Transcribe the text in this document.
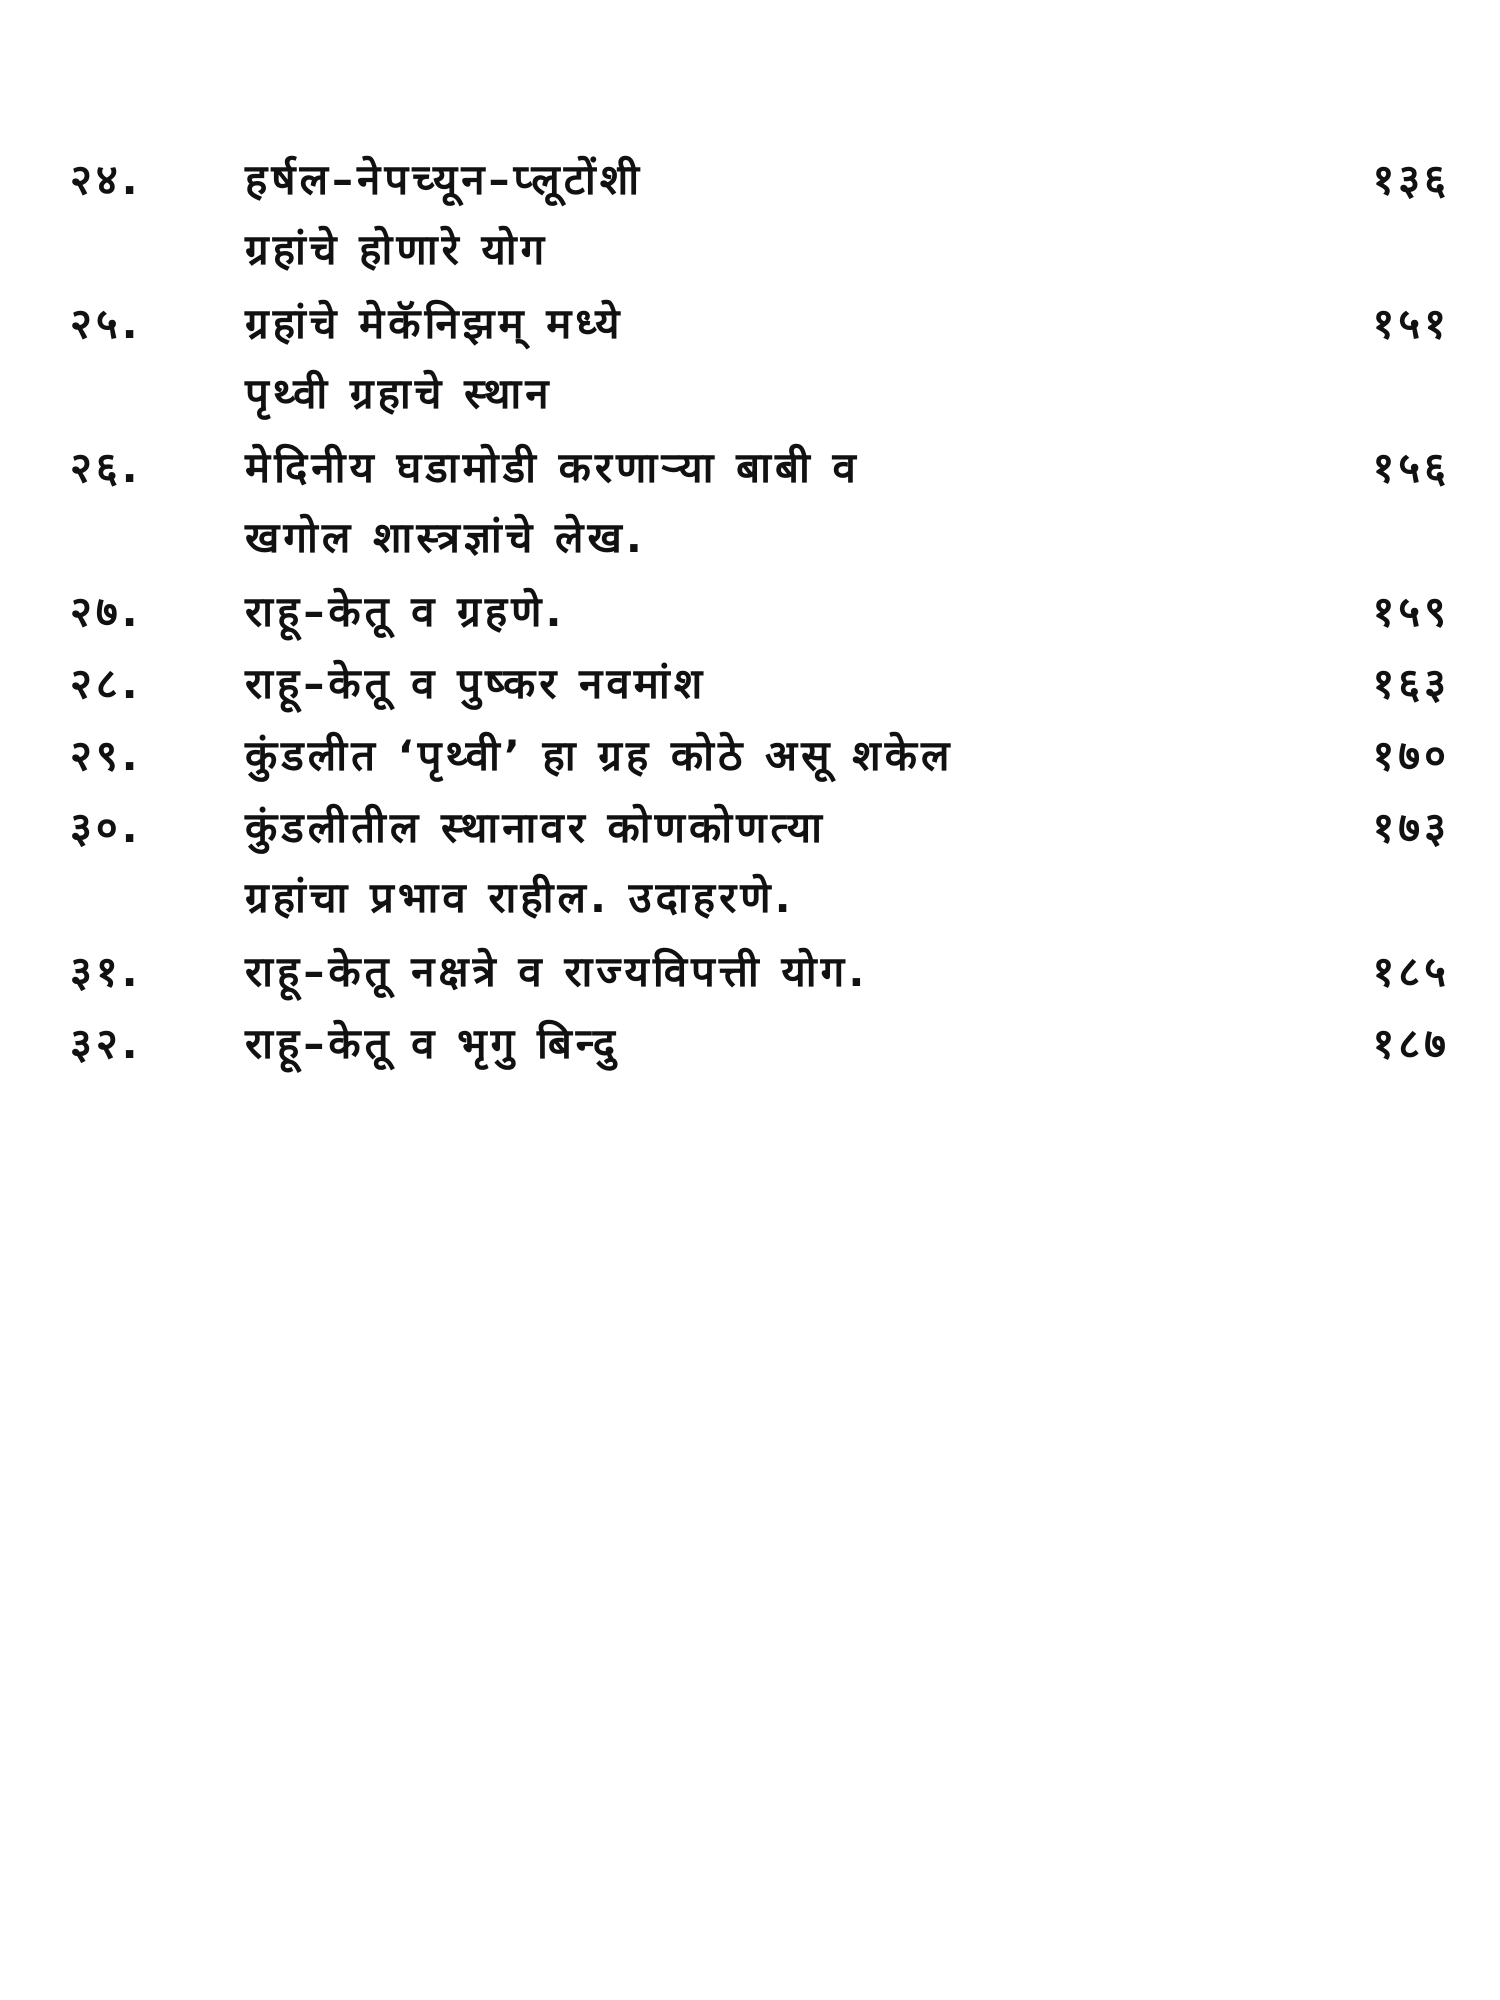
२४.	हर्षल–नेपच्यून–प्लूटोंशी	१३६
ग्रहांचे होणारे योग
२५.	ग्रहांचे मेकॅनिझम् मध्ये	१५१
पृथ्वी ग्रहाचे स्थान
२६.	मेदिनीय घडामोडी करणाऱ्या बाबी व	१५६
खगोल शास्त्रज्ञांचे लेख.
२७.	राहू–केतू व ग्रहणे.	१५९
२८.	राहू–केतू व पुष्कर नवमांश	१६३
२९.	कुंडलीत ‘पृथ्वी’ हा ग्रह कोठे असू शकेल	१७०
३०.	कुंडलीतील स्थानावर कोणकोणत्या	१७३
ग्रहांचा प्रभाव राहील. उदाहरणे.
३१.	राहू–केतू नक्षत्रे व राज्यविपत्ती योग.	१८५
३२.	राहू–केतू व भृगु बिन्दु	१८७
